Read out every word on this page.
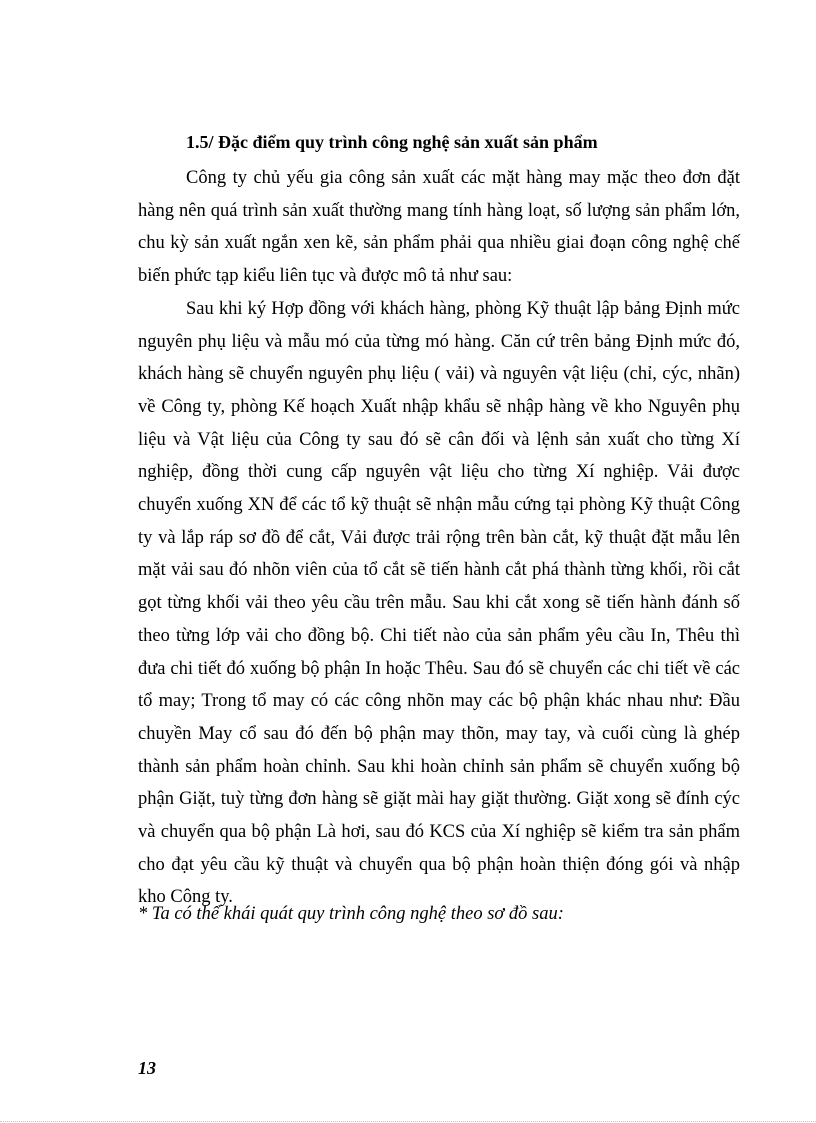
1.5/ Đặc điểm quy trình công nghệ sản xuất sản phẩm

Công ty chủ yếu gia công sản xuất các mặt hàng may mặc theo đơn đặt hàng nên quá trình sản xuất thường mang tính hàng loạt, số lượng sản phẩm lớn, chu kỳ sản xuất ngắn xen kẽ, sản phẩm phải qua nhiều giai đoạn công nghệ chế biến phức tạp kiểu liên tục và được mô tả như sau:

Sau khi ký Hợp đồng với khách hàng, phòng Kỹ thuật lập bảng Định mức nguyên phụ liệu và mẫu mó của từng mó hàng. Căn cứ trên bảng Định mức đó, khách hàng sẽ chuyển nguyên phụ liệu ( vải) và nguyên vật liệu (chỉ, cýc, nhãn) về Công ty, phòng Kế hoạch Xuất nhập khẩu sẽ nhập hàng về kho Nguyên phụ liệu và Vật liệu của Công ty sau đó sẽ cân đối và lệnh sản xuất cho từng Xí nghiệp, đồng thời cung cấp nguyên vật liệu cho từng Xí nghiệp. Vải được chuyển xuống XN để các tổ kỹ thuật sẽ nhận mẫu cứng tại phòng Kỹ thuật Công ty và lắp ráp sơ đồ để cắt, Vải được trải rộng trên bàn cắt, kỹ thuật đặt mẫu lên mặt vải sau đó nhõn viên của tổ cắt sẽ tiến hành cắt phá thành từng khối, rồi cắt gọt từng khối vải theo yêu cầu trên mẫu. Sau khi cắt xong sẽ tiến hành đánh số theo từng lớp vải cho đồng bộ. Chi tiết nào của sản phẩm yêu cầu In, Thêu thì đưa chi tiết đó xuống bộ phận In hoặc Thêu. Sau đó sẽ chuyển các chi tiết về các tổ may; Trong tổ may có các công nhõn may các bộ phận khác nhau như: Đầu chuyền May cổ sau đó đến bộ phận may thõn, may tay, và cuối cùng là ghép thành sản phẩm hoàn chỉnh. Sau khi hoàn chỉnh sản phẩm sẽ chuyển xuống bộ phận Giặt, tuỳ từng đơn hàng sẽ giặt mài hay giặt thường. Giặt xong sẽ đính cýc và chuyển qua bộ phận Là hơi, sau đó KCS của Xí nghiệp sẽ kiểm tra sản phẩm cho đạt yêu cầu kỹ thuật và chuyển qua bộ phận hoàn thiện đóng gói và nhập kho Công ty.

* Ta có thể khái quát quy trình công nghệ theo sơ đồ sau:
13
